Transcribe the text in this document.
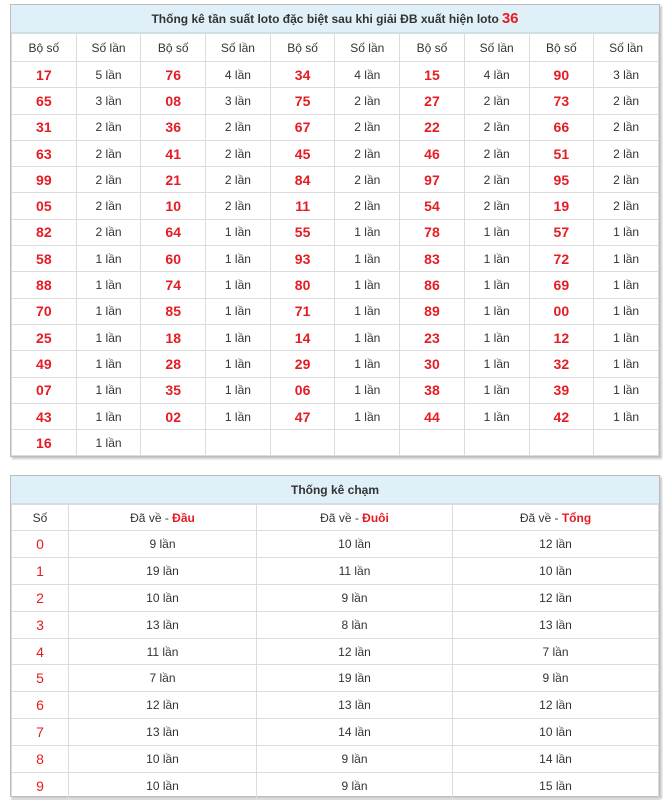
Thống kê tần suất loto đặc biệt sau khi giải ĐB xuất hiện loto 36
Bộ số	Số lần	Bộ số	Số lần	Bộ số	Số lần	Bộ số	Số lần	Bộ số	Số lần
17	5 lần	76	4 lần	34	4 lần	15	4 lần	90	3 lần
65	3 lần	08	3 lần	75	2 lần	27	2 lần	73	2 lần
31	2 lần	36	2 lần	67	2 lần	22	2 lần	66	2 lần
63	2 lần	41	2 lần	45	2 lần	46	2 lần	51	2 lần
99	2 lần	21	2 lần	84	2 lần	97	2 lần	95	2 lần
05	2 lần	10	2 lần	11	2 lần	54	2 lần	19	2 lần
82	2 lần	64	1 lần	55	1 lần	78	1 lần	57	1 lần
58	1 lần	60	1 lần	93	1 lần	83	1 lần	72	1 lần
88	1 lần	74	1 lần	80	1 lần	86	1 lần	69	1 lần
70	1 lần	85	1 lần	71	1 lần	89	1 lần	00	1 lần
25	1 lần	18	1 lần	14	1 lần	23	1 lần	12	1 lần
49	1 lần	28	1 lần	29	1 lần	30	1 lần	32	1 lần
07	1 lần	35	1 lần	06	1 lần	38	1 lần	39	1 lần
43	1 lần	02	1 lần	47	1 lần	44	1 lần	42	1 lần
16	1 lần								
Thống kê chạm
Số	Đã về - Đầu	Đã về - Đuôi	Đã về - Tổng
0	9 lần	10 lần	12 lần
1	19 lần	11 lần	10 lần
2	10 lần	9 lần	12 lần
3	13 lần	8 lần	13 lần
4	11 lần	12 lần	7 lần
5	7 lần	19 lần	9 lần
6	12 lần	13 lần	12 lần
7	13 lần	14 lần	10 lần
8	10 lần	9 lần	14 lần
9	10 lần	9 lần	15 lần
